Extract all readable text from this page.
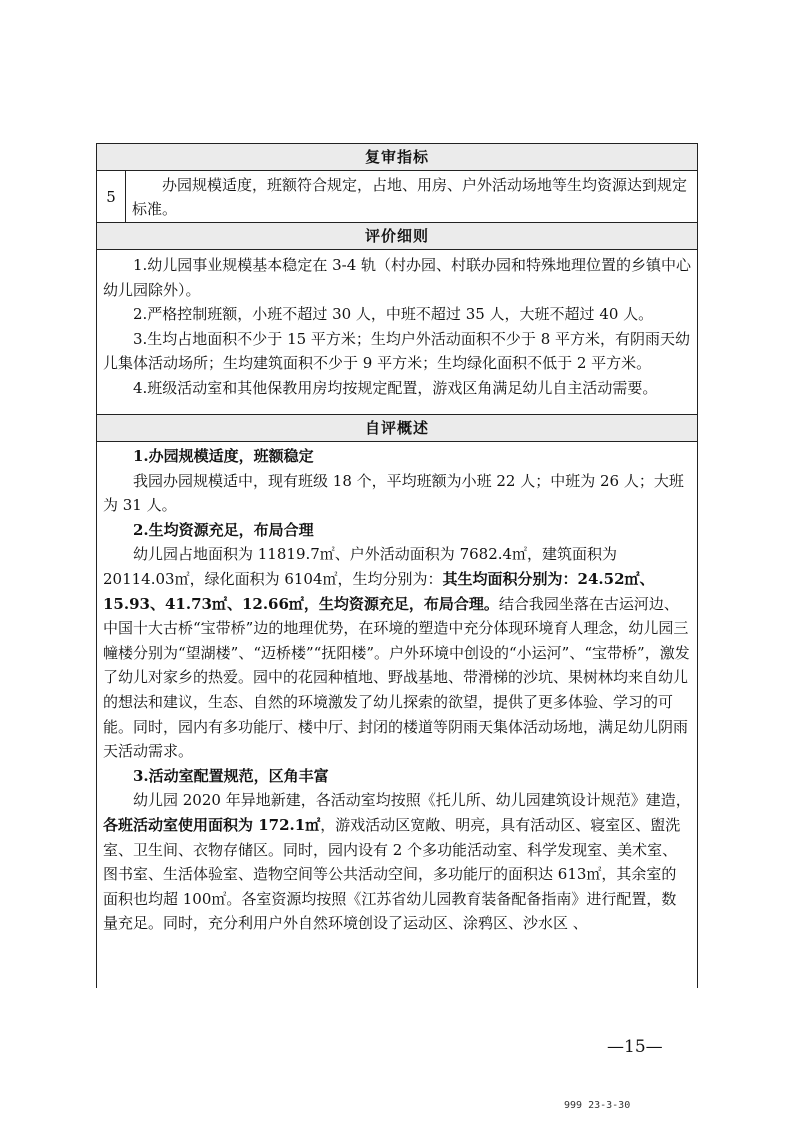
复审指标
5
办园规模适度，班额符合规定，占地、用房、户外活动场地等生均资源达到规定标准。
评价细则

1.幼儿园事业规模基本稳定在 3-4 轨（村办园、村联办园和特殊地理位置的乡镇中心幼儿园除外）。

2.严格控制班额，小班不超过 30 人，中班不超过 35 人，大班不超过 40 人。

3.生均占地面积不少于 15 平方米；生均户外活动面积不少于 8 平方米，有阴雨天幼儿集体活动场所；生均建筑面积不少于 9 平方米；生均绿化面积不低于 2 平方米。

4.班级活动室和其他保教用房均按规定配置，游戏区角满足幼儿自主活动需要。

自评概述

1.办园规模适度，班额稳定

我园办园规模适中，现有班级 18 个，平均班额为小班 22 人；中班为 26 人；大班为 31 人。

2.生均资源充足，布局合理

幼儿园占地面积为 11819.7㎡、户外活动面积为 7682.4㎡，建筑面积为 20114.03㎡，绿化面积为 6104㎡，生均分别为：其生均面积分别为：24.52㎡、15.93、41.73㎡、12.66㎡，生均资源充足，布局合理。结合我园坐落在古运河边、中国十大古桥“宝带桥”边的地理优势，在环境的塑造中充分体现环境育人理念，幼儿园三幢楼分别为“望湖楼”、“迈桥楼”“抚阳楼”。户外环境中创设的“小运河”、“宝带桥”，激发了幼儿对家乡的热爱。园中的花园种植地、野战基地、带滑梯的沙坑、果树林均来自幼儿的想法和建议，生态、自然的环境激发了幼儿探索的欲望，提供了更多体验、学习的可能。同时，园内有多功能厅、楼中厅、封闭的楼道等阴雨天集体活动场地，满足幼儿阴雨天活动需求。

3.活动室配置规范，区角丰富

幼儿园 2020 年异地新建，各活动室均按照《托儿所、幼儿园建筑设计规范》建造，各班活动室使用面积为 172.1㎡，游戏活动区宽敞、明亮，具有活动区、寝室区、盥洗室、卫生间、衣物存储区。同时，园内设有 2 个多功能活动室、科学发现室、美术室、图书室、生活体验室、造物空间等公共活动空间，多功能厅的面积达 613㎡，其余室的面积也均超 100㎡。各室资源均按照《江苏省幼儿园教育装备配备指南》进行配置，数量充足。同时，充分利用户外自然环境创设了运动区、涂鸦区、沙水区 、

—15—
999 23-3-30
